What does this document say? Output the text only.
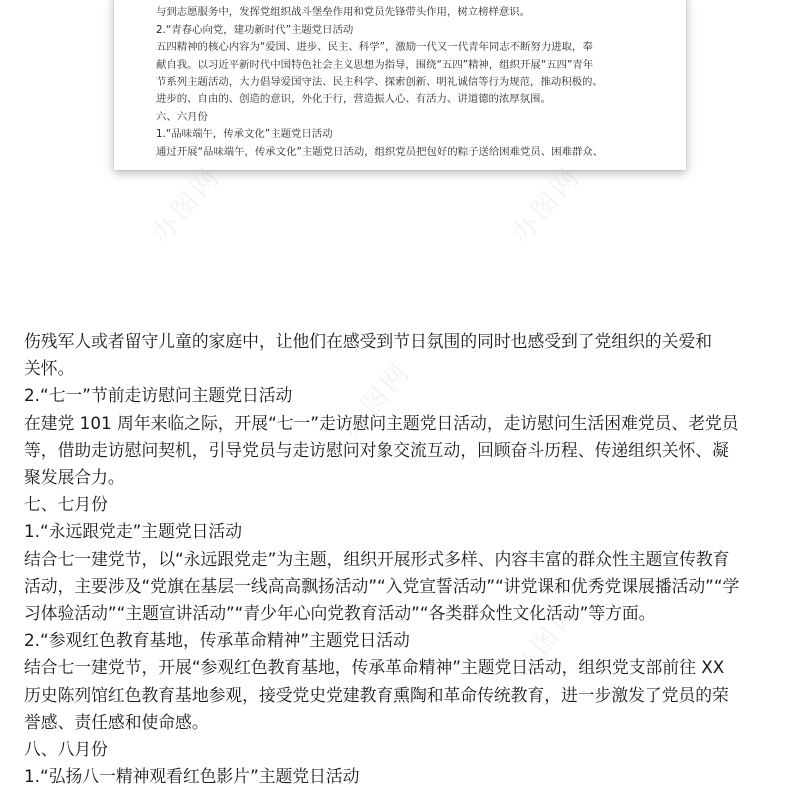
与到志愿服务中，发挥党组织战斗堡垒作用和党员先锋带头作用，树立榜样意识。

2.“青春心向党，建功新时代”主题党日活动

五四精神的核心内容为“爱国、进步、民主、科学”，激励一代又一代青年同志不断努力进取，奉

献自我。以习近平新时代中国特色社会主义思想为指导，围绕“五四”精神，组织开展“五四”青年

节系列主题活动，大力倡导爱国守法、民主科学、探索创新、明礼诚信等行为规范，推动积极的、

进步的、自由的、创造的意识，外化于行，营造振人心、有活力、讲道德的浓厚氛围。

六、六月份

1.“品味端午，传承文化”主题党日活动

通过开展“品味端午，传承文化”主题党日活动，组织党员把包好的粽子送给困难党员、困难群众、

办图网	办图网
办图网
办图网

伤残军人或者留守儿童的家庭中，让他们在感受到节日氛围的同时也感受到了党组织的关爱和

关怀。

2.“七一”节前走访慰问主题党日活动

在建党 101 周年来临之际，开展“七一”走访慰问主题党日活动，走访慰问生活困难党员、老党员

等，借助走访慰问契机，引导党员与走访慰问对象交流互动，回顾奋斗历程、传递组织关怀、凝

聚发展合力。

七、七月份

1.“永远跟党走”主题党日活动

结合七一建党节，以“永远跟党走”为主题，组织开展形式多样、内容丰富的群众性主题宣传教育

活动，主要涉及“党旗在基层一线高高飘扬活动”“入党宣誓活动”“讲党课和优秀党课展播活动”“学

习体验活动”“主题宣讲活动”“青少年心向党教育活动”“各类群众性文化活动”等方面。

2.“参观红色教育基地，传承革命精神”主题党日活动

结合七一建党节，开展“参观红色教育基地，传承革命精神”主题党日活动，组织党支部前往 XX

历史陈列馆红色教育基地参观，接受党史党建教育熏陶和革命传统教育，进一步激发了党员的荣

誉感、责任感和使命感。

八、八月份

1.“弘扬八一精神观看红色影片”主题党日活动
